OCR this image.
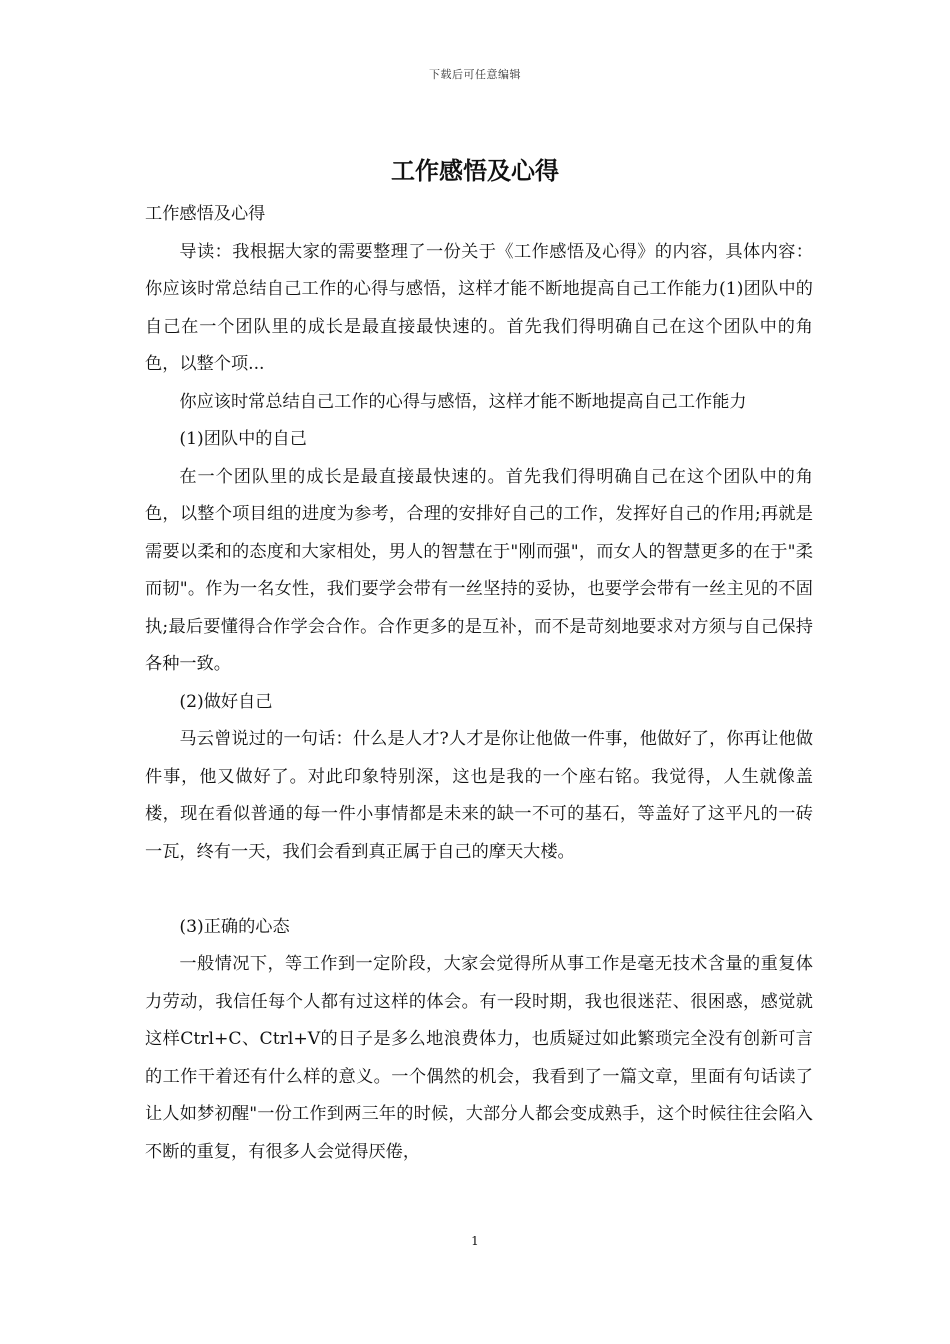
下载后可任意编辑
工作感悟及心得

工作感悟及心得

导读：我根据大家的需要整理了一份关于《工作感悟及心得》的内容，具体内容：你应该时常总结自己工作的心得与感悟，这样才能不断地提高自己工作能力(1)团队中的自己在一个团队里的成长是最直接最快速的。首先我们得明确自己在这个团队中的角色，以整个项...

你应该时常总结自己工作的心得与感悟，这样才能不断地提高自己工作能力

(1)团队中的自己

在一个团队里的成长是最直接最快速的。首先我们得明确自己在这个团队中的角色，以整个项目组的进度为参考，合理的安排好自己的工作，发挥好自己的作用;再就是需要以柔和的态度和大家相处，男人的智慧在于"刚而强"，而女人的智慧更多的在于"柔而韧"。作为一名女性，我们要学会带有一丝坚持的妥协，也要学会带有一丝主见的不固执;最后要懂得合作学会合作。合作更多的是互补，而不是苛刻地要求对方须与自己保持各种一致。

(2)做好自己

马云曾说过的一句话：什么是人才?人才是你让他做一件事，他做好了，你再让他做件事，他又做好了。对此印象特别深，这也是我的一个座右铭。我觉得，人生就像盖楼，现在看似普通的每一件小事情都是未来的缺一不可的基石，等盖好了这平凡的一砖一瓦，终有一天，我们会看到真正属于自己的摩天大楼。

(3)正确的心态

一般情况下，等工作到一定阶段，大家会觉得所从事工作是毫无技术含量的重复体力劳动，我信任每个人都有过这样的体会。有一段时期，我也很迷茫、很困惑，感觉就这样Ctrl+C、Ctrl+V的日子是多么地浪费体力，也质疑过如此繁琐完全没有创新可言的工作干着还有什么样的意义。一个偶然的机会，我看到了一篇文章，里面有句话读了让人如梦初醒"一份工作到两三年的时候，大部分人都会变成熟手，这个时候往往会陷入不断的重复，有很多人会觉得厌倦，

1
